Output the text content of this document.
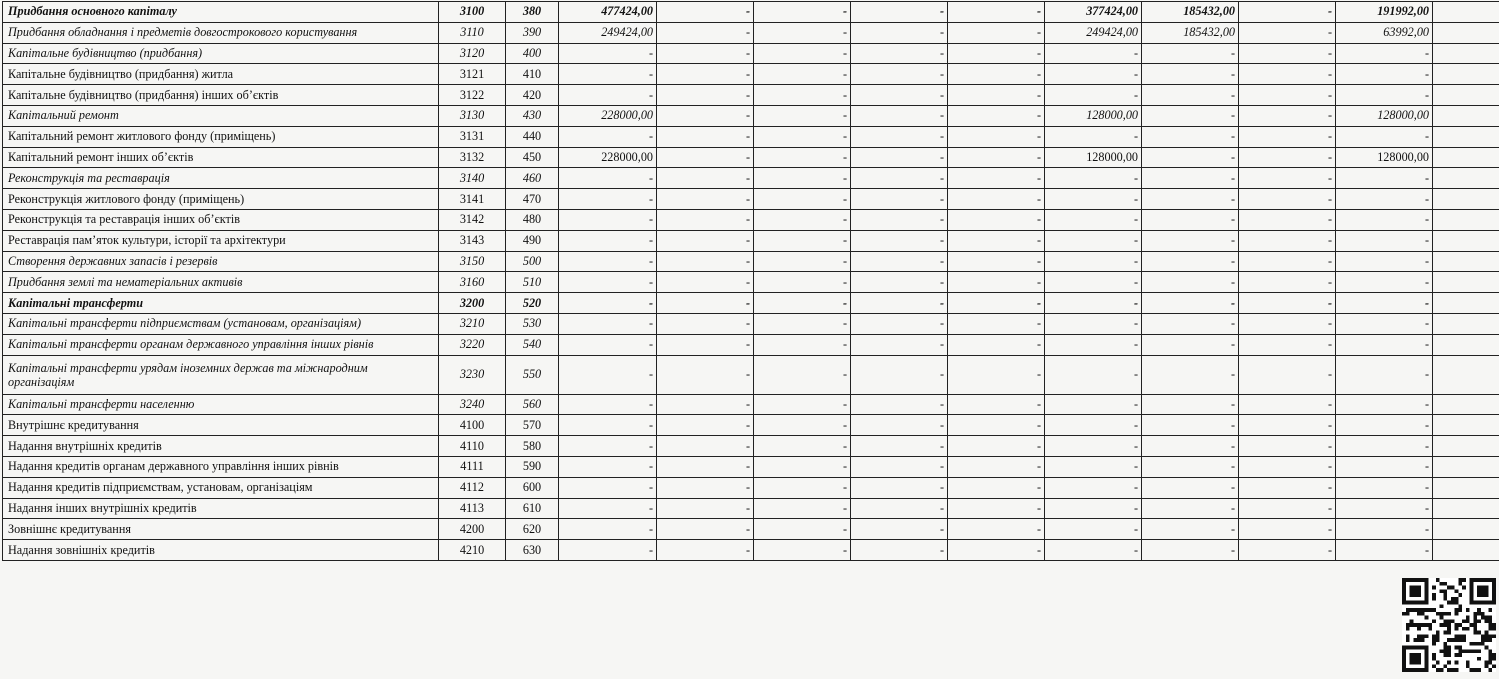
Придбання основного капіталу	3100	380	477424,00	-	-	-	-	377424,00	185432,00	-	191992,00	
Придбання обладнання і предметів довгострокового користування	3110	390	249424,00	-	-	-	-	249424,00	185432,00	-	63992,00	
Капітальне будівництво (придбання)	3120	400	-	-	-	-	-	-	-	-	-	
Капітальне будівництво (придбання) житла	3121	410	-	-	-	-	-	-	-	-	-	
Капітальне будівництво (придбання) інших об’єктів	3122	420	-	-	-	-	-	-	-	-	-	
Капітальний ремонт	3130	430	228000,00	-	-	-	-	128000,00	-	-	128000,00	
Капітальний ремонт житлового фонду (приміщень)	3131	440	-	-	-	-	-	-	-	-	-	
Капітальний ремонт інших об’єктів	3132	450	228000,00	-	-	-	-	128000,00	-	-	128000,00	
Реконструкція та реставрація	3140	460	-	-	-	-	-	-	-	-	-	
Реконструкція житлового фонду (приміщень)	3141	470	-	-	-	-	-	-	-	-	-	
Реконструкція та реставрація інших об’єктів	3142	480	-	-	-	-	-	-	-	-	-	
Реставрація пам’яток культури, історії та архітектури	3143	490	-	-	-	-	-	-	-	-	-	
Створення державних запасів і резервів	3150	500	-	-	-	-	-	-	-	-	-	
Придбання землі та нематеріальних активів	3160	510	-	-	-	-	-	-	-	-	-	
Капітальні трансферти	3200	520	-	-	-	-	-	-	-	-	-	
Капітальні трансферти підприємствам (установам, організаціям)	3210	530	-	-	-	-	-	-	-	-	-	
Капітальні трансферти органам державного управління інших рівнів	3220	540	-	-	-	-	-	-	-	-	-	
Капітальні трансферти урядам іноземних держав та міжнародним організаціям	3230	550	-	-	-	-	-	-	-	-	-	
Капітальні трансферти населенню	3240	560	-	-	-	-	-	-	-	-	-	
Внутрішнє кредитування	4100	570	-	-	-	-	-	-	-	-	-	
Надання внутрішніх кредитів	4110	580	-	-	-	-	-	-	-	-	-	
Надання кредитів органам державного управління інших рівнів	4111	590	-	-	-	-	-	-	-	-	-	
Надання кредитів підприємствам, установам, організаціям	4112	600	-	-	-	-	-	-	-	-	-	
Надання інших внутрішніх кредитів	4113	610	-	-	-	-	-	-	-	-	-	
Зовнішнє кредитування	4200	620	-	-	-	-	-	-	-	-	-	
Надання зовнішніх кредитів	4210	630	-	-	-	-	-	-	-	-	-	
